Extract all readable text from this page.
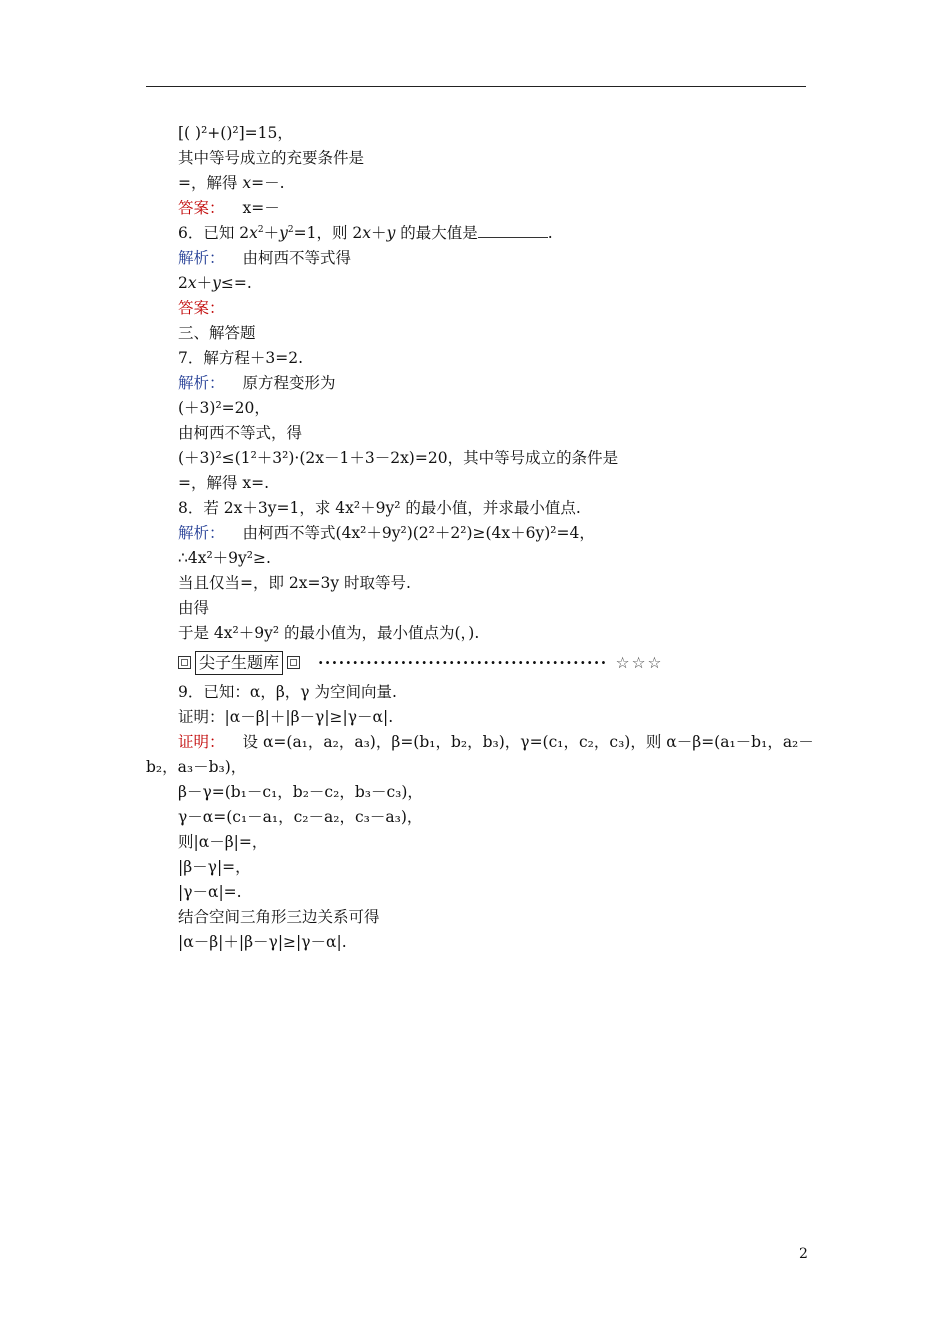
[( )²+()²]=15，
其中等号成立的充要条件是
=，解得 x=－.
答案： x=－
6．已知 $2x^2+y^2=1$，则 2x＋y 的最大值是	.
解析： 由柯西不等式得
2x＋y≤=.
答案：
三、解答题
7．解方程＋3=2.
解析： 原方程变形为
(＋3)²=20，
由柯西不等式，得
(＋3)²≤(1²＋3²)·(2x－1＋3－2x)=20，其中等号成立的条件是
=，解得 x=.
8．若 2x＋3y=1，求 4x²＋9y² 的最小值，并求最小值点.
解析： 由柯西不等式(4x²＋9y²)(2²＋2²)≥(4x＋6y)²=4，
∴4x²＋9y²≥.
当且仅当=，即 2x=3y 时取等号.
由得
于是 4x²＋9y² 的最小值为，最小值点为(，).
尖子生题库	·········································· ☆☆☆
9．已知：α，β，γ 为空间向量.
证明：|α－β|＋|β－γ|≥|γ－α|.
证明： 设 α=(a₁，a₂，a₃)，β=(b₁，b₂，b₃)，γ=(c₁，c₂，c₃)，则 α－β=(a₁－b₁，a₂－
b₂，a₃－b₃)，
β－γ=(b₁－c₁，b₂－c₂，b₃－c₃)，
γ－α=(c₁－a₁，c₂－a₂，c₃－a₃)，
则|α－β|=，
|β－γ|=，
|γ－α|=.
结合空间三角形三边关系可得
|α－β|＋|β－γ|≥|γ－α|.
2
